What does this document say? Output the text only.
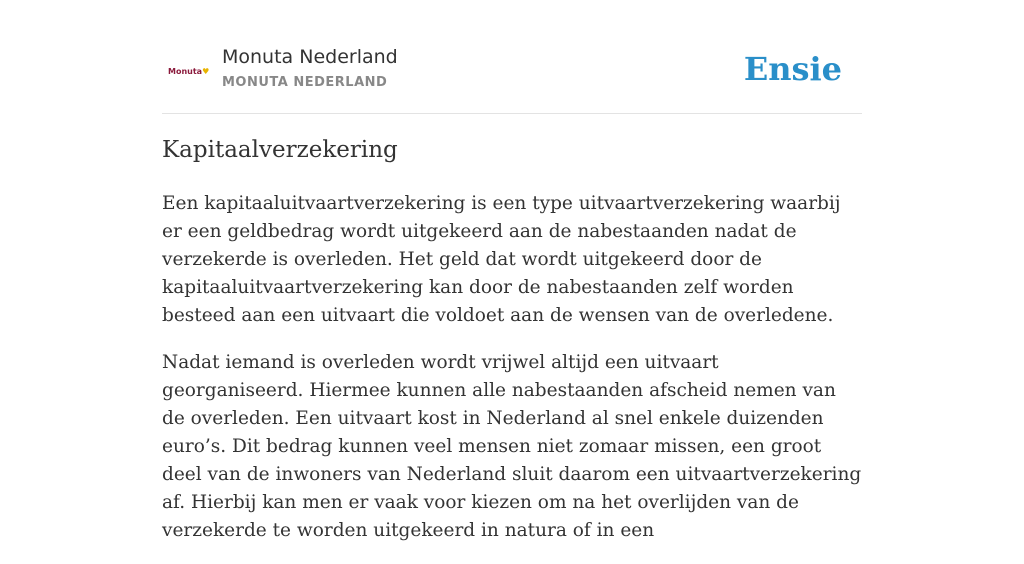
Monuta♥
Monuta Nederland
MONUTA NEDERLAND	Ensie
Kapitaalverzekering

Een kapitaaluitvaartverzekering is een type uitvaartverzekering waarbij er een geldbedrag wordt uitgekeerd aan de nabestaanden nadat de verzekerde is overleden. Het geld dat wordt uitgekeerd door de kapitaaluitvaartverzekering kan door de nabestaanden zelf worden besteed aan een uitvaart die voldoet aan de wensen van de overledene.

Nadat iemand is overleden wordt vrijwel altijd een uitvaart georganiseerd. Hiermee kunnen alle nabestaanden afscheid nemen van de overleden. Een uitvaart kost in Nederland al snel enkele duizenden euro’s. Dit bedrag kunnen veel mensen niet zomaar missen, een groot deel van de inwoners van Nederland sluit daarom een uitvaartverzekering af. Hierbij kan men er vaak voor kiezen om na het overlijden van de verzekerde te worden uitgekeerd in natura of in een
